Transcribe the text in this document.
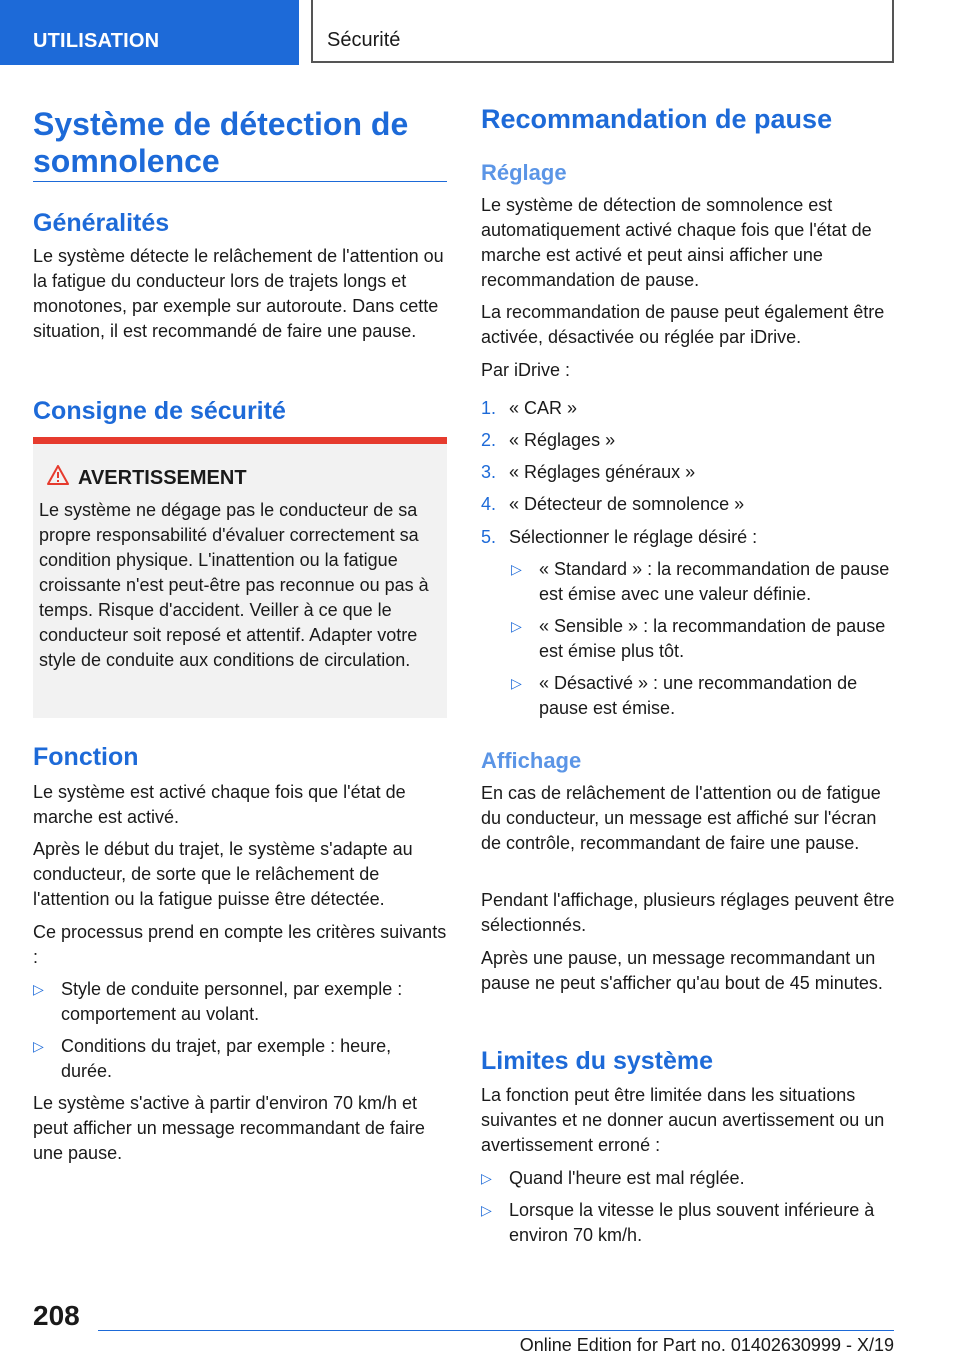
UTILISATION	Sécurité
Système de détection de somnolence
Généralités

Le système détecte le relâchement de l'attention ou la fatigue du conducteur lors de trajets longs et monotones, par exemple sur autoroute. Dans cette situation, il est recommandé de faire une pause.

Consigne de sécurité
Fonction

Le système est activé chaque fois que l'état de marche est activé.

Après le début du trajet, le système s'adapte au conducteur, de sorte que le relâchement de l'attention ou la fatigue puisse être détectée.

Ce processus prend en compte les critères suivants :

▷ Style de conduite personnel, par exemple : comportement au volant.
▷ Conditions du trajet, par exemple : heure, durée.

Le système s'active à partir d'environ 70 km/h et peut afficher un message recommandant de faire une pause.

AVERTISSEMENT
Le système ne dégage pas le conducteur de sa propre responsabilité d'évaluer correctement sa condition physique. L'inattention ou la fatigue croissante n'est peut-être pas reconnue ou pas à temps. Risque d'accident. Veiller à ce que le conducteur soit reposé et attentif. Adapter votre style de conduite aux conditions de circulation.
Recommandation de pause
Réglage

Le système de détection de somnolence est automatiquement activé chaque fois que l'état de marche est activé et peut ainsi afficher une recommandation de pause.

La recommandation de pause peut également être activée, désactivée ou réglée par iDrive.

Par iDrive :

1. « CAR »
2. « Réglages »
3. « Réglages généraux »
4. « Détecteur de somnolence »
5. Sélectionner le réglage désiré :
▷ « Standard » : la recommandation de pause est émise avec une valeur définie.
▷ « Sensible » : la recommandation de pause est émise plus tôt.
▷ « Désactivé » : une recommandation de pause est émise.
Affichage

En cas de relâchement de l'attention ou de fatigue du conducteur, un message est affiché sur l'écran de contrôle, recommandant de faire une pause.

Pendant l'affichage, plusieurs réglages peuvent être sélectionnés.

Après une pause, un message recommandant un pause ne peut s'afficher qu'au bout de 45 minutes.

Limites du système

La fonction peut être limitée dans les situations suivantes et ne donner aucun avertissement ou un avertissement erroné :

▷ Quand l'heure est mal réglée.
▷ Lorsque la vitesse le plus souvent inférieure à environ 70 km/h.
208
Online Edition for Part no. 01402630999 - X/19
